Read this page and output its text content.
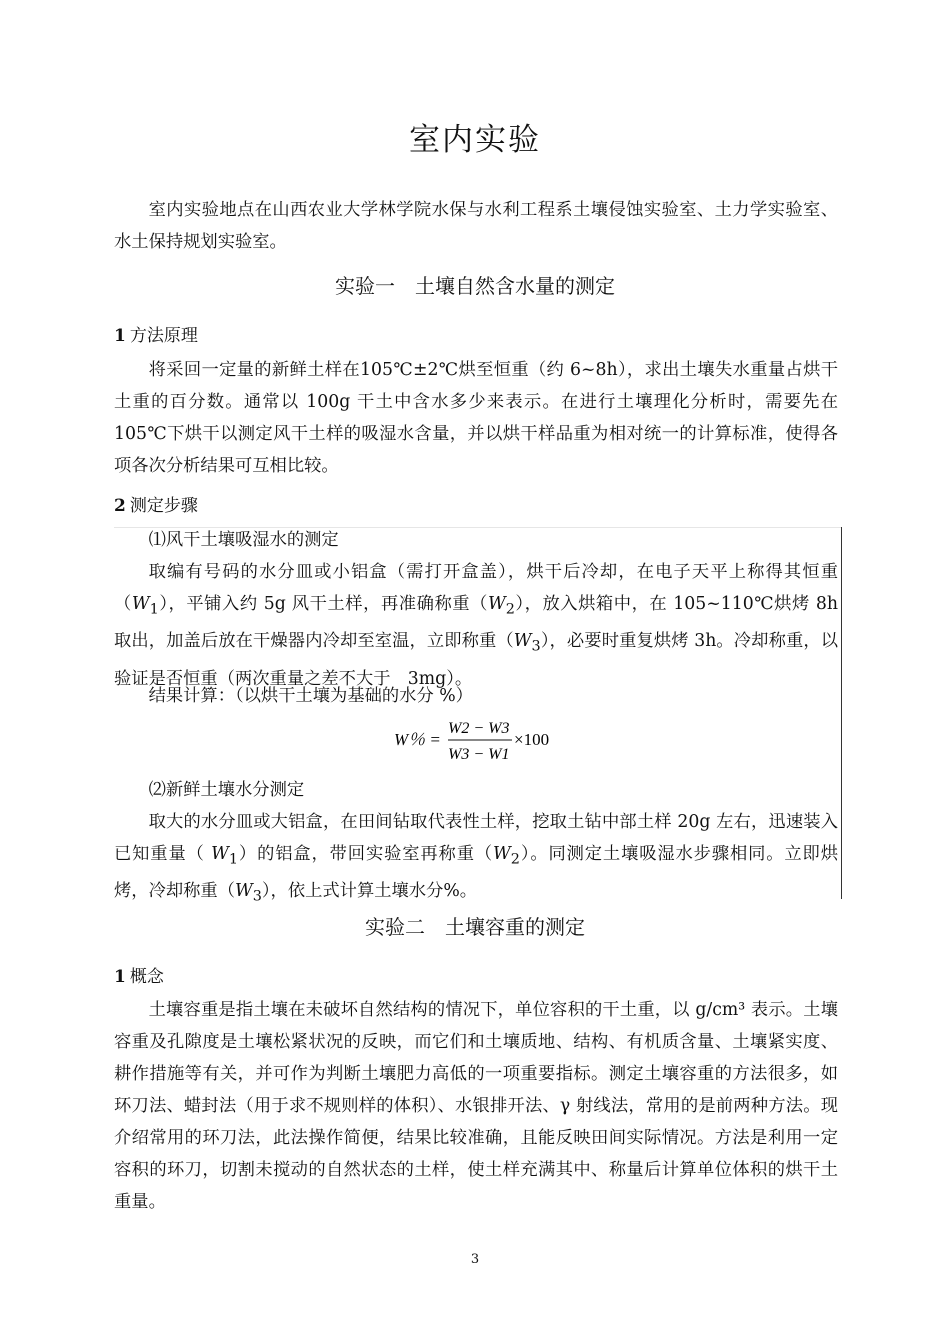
室内实验
室内实验地点在山西农业大学林学院水保与水利工程系土壤侵蚀实验室、土力学实验室、水土保持规划实验室。
实验一　土壤自然含水量的测定
1 方法原理
将采回一定量的新鲜土样在105℃±2℃烘至恒重（约 6~8h），求出土壤失水重量占烘干土重的百分数。通常以 100g 干土中含水多少来表示。在进行土壤理化分析时，需要先在 105℃下烘干以测定风干土样的吸湿水含量，并以烘干样品重为相对统一的计算标准，使得各项各次分析结果可互相比较。
2 测定步骤
⑴风干土壤吸湿水的测定
取编有号码的水分皿或小铝盒（需打开盒盖），烘干后冷却，在电子天平上称得其恒重$(W_1)$，平铺入约 5g 风干土样，再准确称重$(W_2)$，放入烘箱中，在 105~110℃烘烤 8h 取出，加盖后放在干燥器内冷却至室温，立即称重$(W_3)$，必要时重复烘烤 3h。冷却称重，以验证是否恒重（两次重量之差不大于　3mg）。
结果计算：（以烘干土壤为基础的水分 %）
W％ =
W2 − W3
W3 − W1
×100
⑵新鲜土壤水分测定
取大的水分皿或大铝盒，在田间钻取代表性土样，挖取土钻中部土样 20g 左右，迅速装入已知重量（ $W_1$）的铝盒，带回实验室再称重$(W_2)$。同测定土壤吸湿水步骤相同。立即烘烤，冷却称重$(W_3)$，依上式计算土壤水分%。
实验二　土壤容重的测定
1 概念
土壤容重是指土壤在未破坏自然结构的情况下，单位容积的干土重，以 g/cm³ 表示。土壤容重及孔隙度是土壤松紧状况的反映，而它们和土壤质地、结构、有机质含量、土壤紧实度、耕作措施等有关，并可作为判断土壤肥力高低的一项重要指标。测定土壤容重的方法很多，如环刀法、蜡封法（用于求不规则样的体积）、水银排开法、γ 射线法，常用的是前两种方法。现介绍常用的环刀法，此法操作简便，结果比较准确，且能反映田间实际情况。方法是利用一定容积的环刀，切割未搅动的自然状态的土样，使土样充满其中、称量后计算单位体积的烘干土重量。
3
